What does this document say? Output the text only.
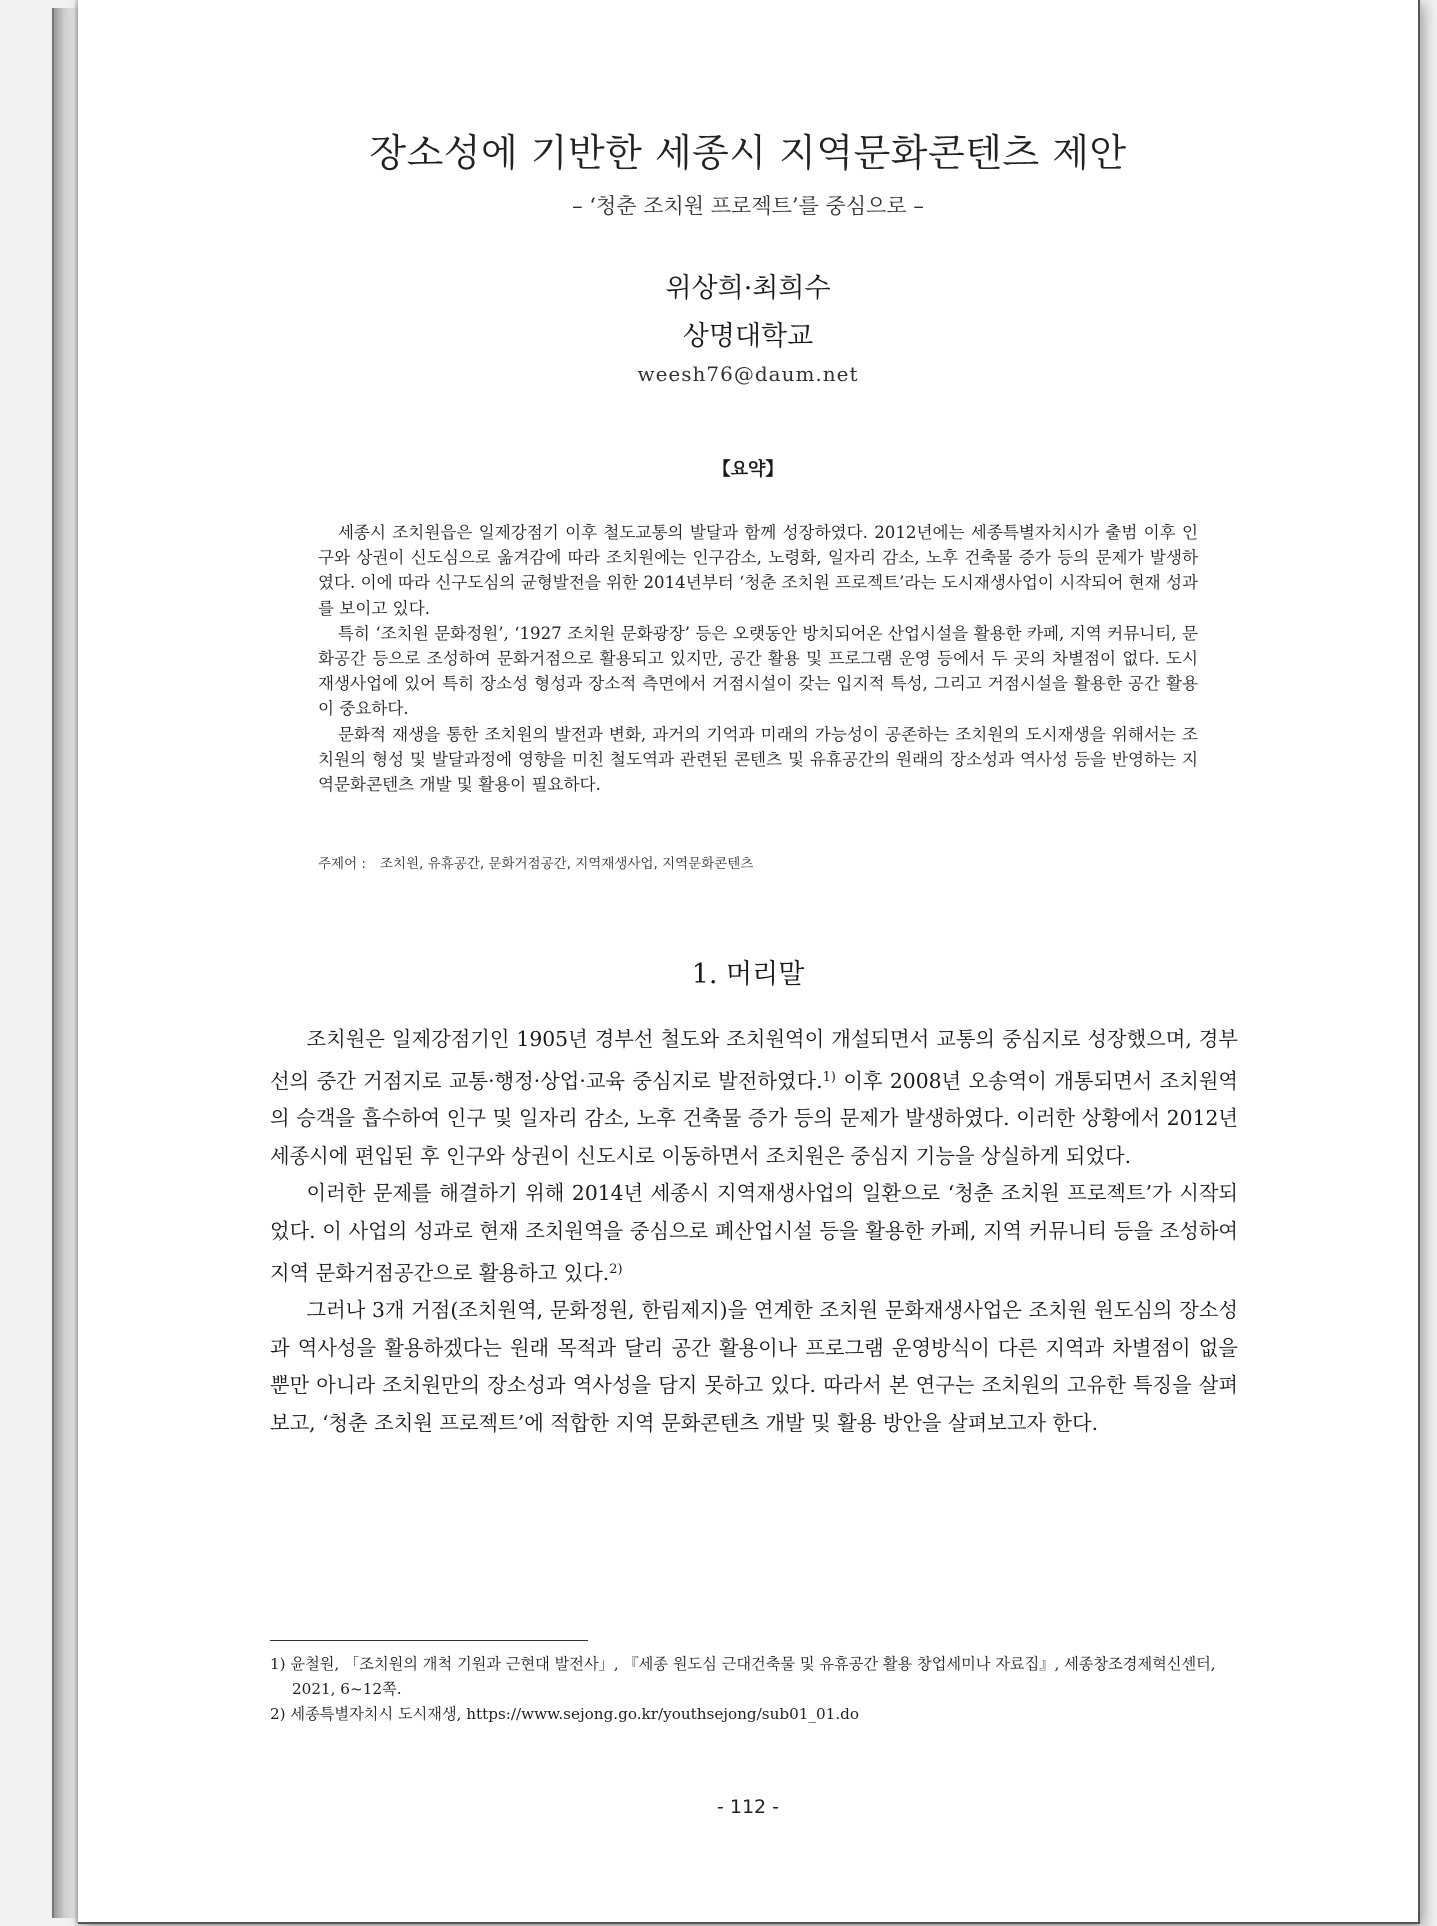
장소성에 기반한 세종시 지역문화콘텐츠 제안
– ‘청춘 조치원 프로젝트’를 중심으로 –
위상희·최희수
상명대학교
weesh76@daum.net
【요약】

세종시 조치원읍은 일제강점기 이후 철도교통의 발달과 함께 성장하였다. 2012년에는 세종특별자치시가 출범 이후 인구와 상권이 신도심으로 옮겨감에 따라 조치원에는 인구감소, 노령화, 일자리 감소, 노후 건축물 증가 등의 문제가 발생하였다. 이에 따라 신구도심의 균형발전을 위한 2014년부터 ‘청춘 조치원 프로젝트’라는 도시재생사업이 시작되어 현재 성과를 보이고 있다.

특히 ‘조치원 문화정원’, ‘1927 조치원 문화광장’ 등은 오랫동안 방치되어온 산업시설을 활용한 카페, 지역 커뮤니티, 문화공간 등으로 조성하여 문화거점으로 활용되고 있지만, 공간 활용 및 프로그램 운영 등에서 두 곳의 차별점이 없다. 도시재생사업에 있어 특히 장소성 형성과 장소적 측면에서 거점시설이 갖는 입지적 특성, 그리고 거점시설을 활용한 공간 활용이 중요하다.

문화적 재생을 통한 조치원의 발전과 변화, 과거의 기억과 미래의 가능성이 공존하는 조치원의 도시재생을 위해서는 조치원의 형성 및 발달과정에 영향을 미친 철도역과 관련된 콘텐츠 및 유휴공간의 원래의 장소성과 역사성 등을 반영하는 지역문화콘텐츠 개발 및 활용이 필요하다.

주제어 : 조치원, 유휴공간, 문화거점공간, 지역재생사업, 지역문화콘텐츠
1. 머리말

조치원은 일제강점기인 1905년 경부선 철도와 조치원역이 개설되면서 교통의 중심지로 성장했으며, 경부선의 중간 거점지로 교통·행정·상업·교육 중심지로 발전하였다.$^{1)}$ 이후 2008년 오송역이 개통되면서 조치원역의 승객을 흡수하여 인구 및 일자리 감소, 노후 건축물 증가 등의 문제가 발생하였다. 이러한 상황에서 2012년 세종시에 편입된 후 인구와 상권이 신도시로 이동하면서 조치원은 중심지 기능을 상실하게 되었다.

이러한 문제를 해결하기 위해 2014년 세종시 지역재생사업의 일환으로 ‘청춘 조치원 프로젝트’가 시작되었다. 이 사업의 성과로 현재 조치원역을 중심으로 폐산업시설 등을 활용한 카페, 지역 커뮤니티 등을 조성하여 지역 문화거점공간으로 활용하고 있다.$^{2)}$

그러나 3개 거점(조치원역, 문화정원, 한림제지)을 연계한 조치원 문화재생사업은 조치원 원도심의 장소성과 역사성을 활용하겠다는 원래 목적과 달리 공간 활용이나 프로그램 운영방식이 다른 지역과 차별점이 없을 뿐만 아니라 조치원만의 장소성과 역사성을 담지 못하고 있다. 따라서 본 연구는 조치원의 고유한 특징을 살펴보고, ‘청춘 조치원 프로젝트’에 적합한 지역 문화콘텐츠 개발 및 활용 방안을 살펴보고자 한다.

1) 윤철원, 「조치원의 개척 기원과 근현대 발전사」, 『세종 원도심 근대건축물 및 유휴공간 활용 창업세미나 자료집』, 세종창조경제혁신센터, 2021, 6~12쪽.
2) 세종특별자치시 도시재생, https://www.sejong.go.kr/youthsejong/sub01_01.do
- 112 -
